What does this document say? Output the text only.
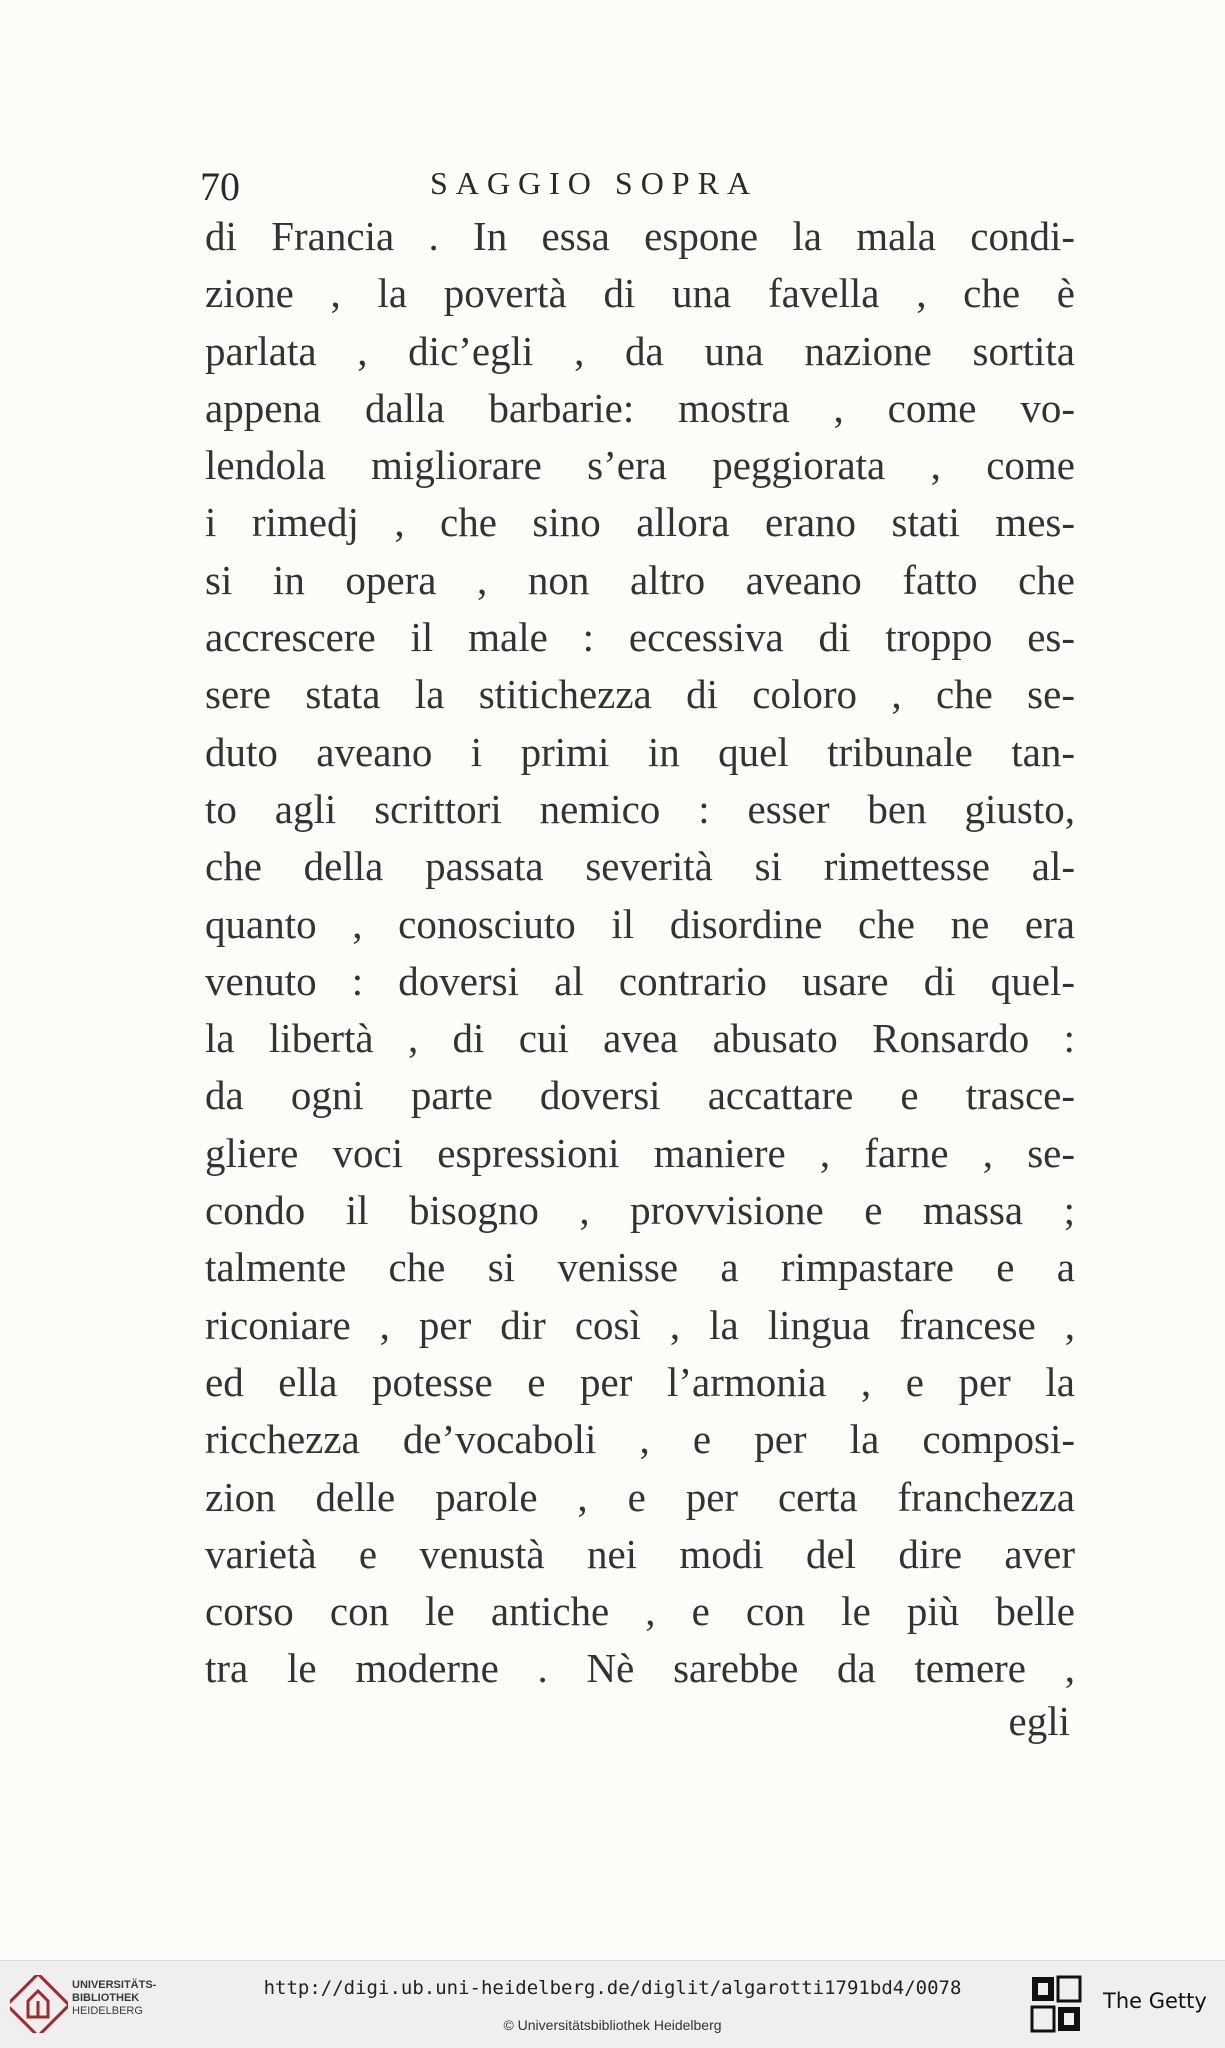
70	SAGGIO SOPRA
di Francia . In essa espone la mala condi-
zione , la povertà di una favella , che è
parlata , dic’egli , da una nazione sortita
appena dalla barbarie: mostra , come vo-
lendola migliorare s’era peggiorata , come
i rimedj , che sino allora erano stati mes-
si in opera , non altro aveano fatto che
accrescere il male : eccessiva di troppo es-
sere stata la stitichezza di coloro , che se-
duto aveano i primi in quel tribunale tan-
to agli scrittori nemico : esser ben giusto,
che della passata severità si rimettesse al-
quanto , conosciuto il disordine che ne era
venuto : doversi al contrario usare di quel-
la libertà , di cui avea abusato Ronsardo :
da ogni parte doversi accattare e trasce-
gliere voci espressioni maniere , farne , se-
condo il bisogno , provvisione e massa ;
talmente che si venisse a rimpastare e a
riconiare , per dir così , la lingua francese ,
ed ella potesse e per l’armonia , e per la
ricchezza de’vocaboli , e per la composi-
zion delle parole , e per certa franchezza
varietà e venustà nei modi del dire aver
corso con le antiche , e con le più belle
tra le moderne . Nè sarebbe da temere ,
egli
UNIVERSITÄTS-
BIBLIOTHEK
HEIDELBERG
http://digi.ub.uni-heidelberg.de/diglit/algarotti1791bd4/0078
© Universitätsbibliothek Heidelberg
The Getty
